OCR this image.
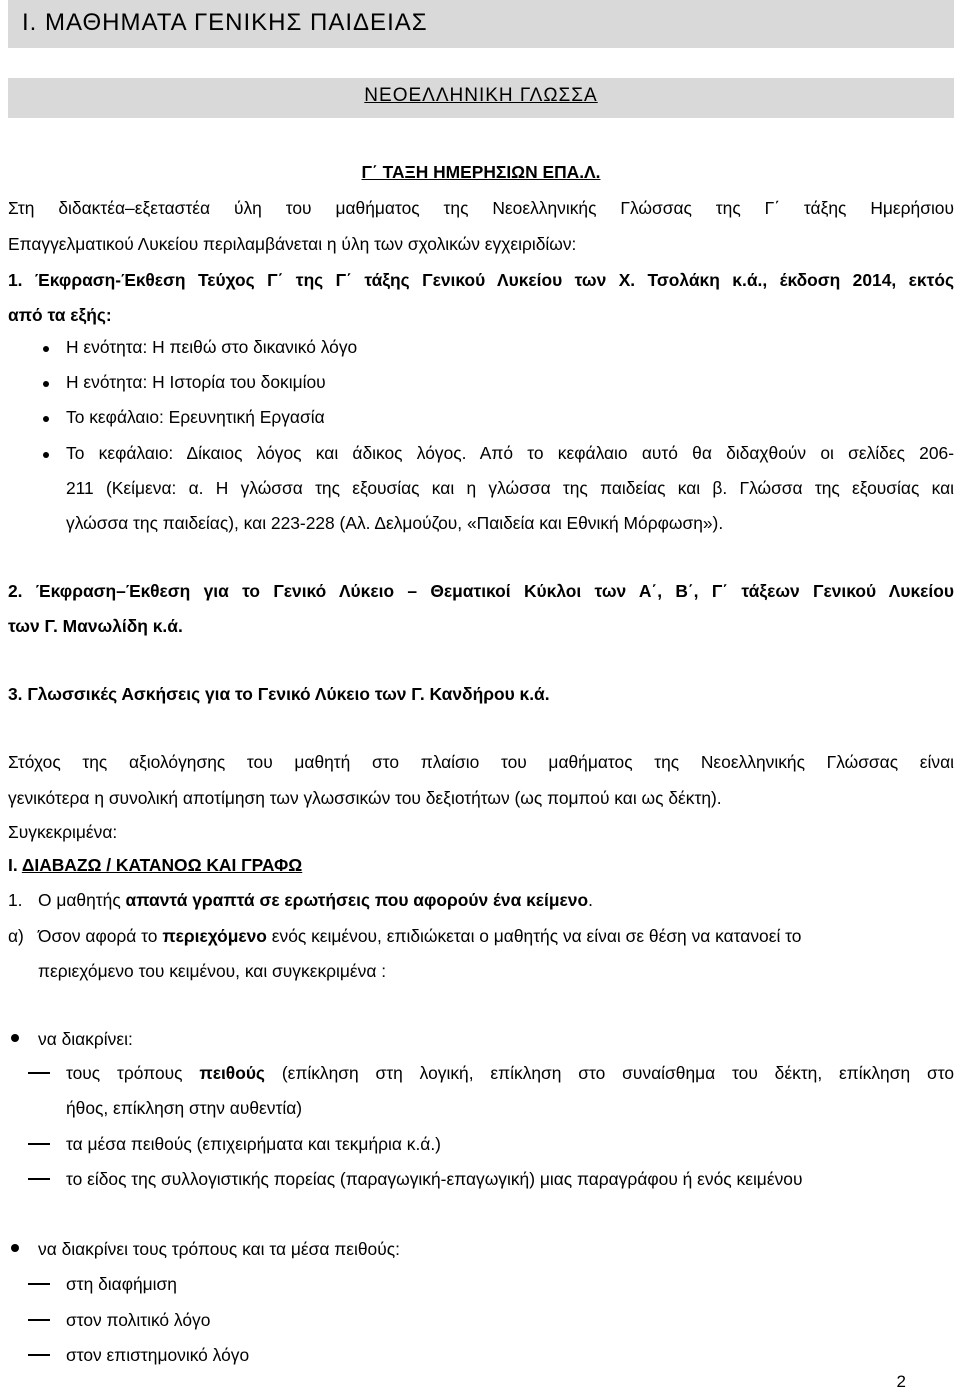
Ι. ΜΑΘΗΜΑΤΑ ΓΕΝΙΚΗΣ ΠΑΙΔΕΙΑΣ
ΝΕΟΕΛΛΗΝΙΚΗ ΓΛΩΣΣΑ
Γ΄ ΤΑΞΗ ΗΜΕΡΗΣΙΩΝ ΕΠΑ.Λ.
Στη διδακτέα–εξεταστέα ύλη του μαθήματος της Νεοελληνικής Γλώσσας της Γ΄ τάξης Ημερήσιου
Επαγγελματικού Λυκείου περιλαμβάνεται η ύλη των σχολικών εγχειριδίων:
1. Έκφραση-Έκθεση Τεύχος Γ΄ της Γ΄ τάξης Γενικού Λυκείου των Χ. Τσολάκη κ.ά., έκδοση 2014, εκτός
από τα εξής:
Η ενότητα: Η πειθώ στο δικανικό λόγο
Η ενότητα: Η Ιστορία του δοκιμίου
Το κεφάλαιο: Ερευνητική Εργασία
Το κεφάλαιο: Δίκαιος λόγος και άδικος λόγος. Από το κεφάλαιο αυτό θα διδαχθούν οι σελίδες 206-
211 (Κείμενα: α. Η γλώσσα της εξουσίας και η γλώσσα της παιδείας και β. Γλώσσα της εξουσίας και
γλώσσα της παιδείας), και 223-228 (Αλ. Δελμούζου, «Παιδεία και Εθνική Μόρφωση»).
2. Έκφραση–Έκθεση για το Γενικό Λύκειο – Θεματικοί Κύκλοι των Α΄, Β΄, Γ΄ τάξεων Γενικού Λυκείου
των Γ. Μανωλίδη κ.ά.
3. Γλωσσικές Ασκήσεις για το Γενικό Λύκειο των Γ. Κανδήρου κ.ά.
Στόχος της αξιολόγησης του μαθητή στο πλαίσιο του μαθήματος της Νεοελληνικής Γλώσσας είναι
γενικότερα η συνολική αποτίμηση των γλωσσικών του δεξιοτήτων (ως πομπού και ως δέκτη).
Συγκεκριμένα:
Ι. ΔΙΑΒΑΖΩ / ΚΑΤΑΝΟΩ ΚΑΙ ΓΡΑΦΩ
1. Ο μαθητής απαντά γραπτά σε ερωτήσεις που αφορούν ένα κείμενο.
α) Όσον αφορά το περιεχόμενο ενός κειμένου, επιδιώκεται ο μαθητής να είναι σε θέση να κατανοεί το
περιεχόμενο του κειμένου, και συγκεκριμένα :
να διακρίνει:
τους τρόπους πειθούς (επίκληση στη λογική, επίκληση στο συναίσθημα του δέκτη, επίκληση στο
ήθος, επίκληση στην αυθεντία)
τα μέσα πειθούς (επιχειρήματα και τεκμήρια κ.ά.)
το είδος της συλλογιστικής πορείας (παραγωγική-επαγωγική) μιας παραγράφου ή ενός κειμένου
να διακρίνει τους τρόπους και τα μέσα πειθούς:
στη διαφήμιση
στον πολιτικό λόγο
στον επιστημονικό λόγο
2
